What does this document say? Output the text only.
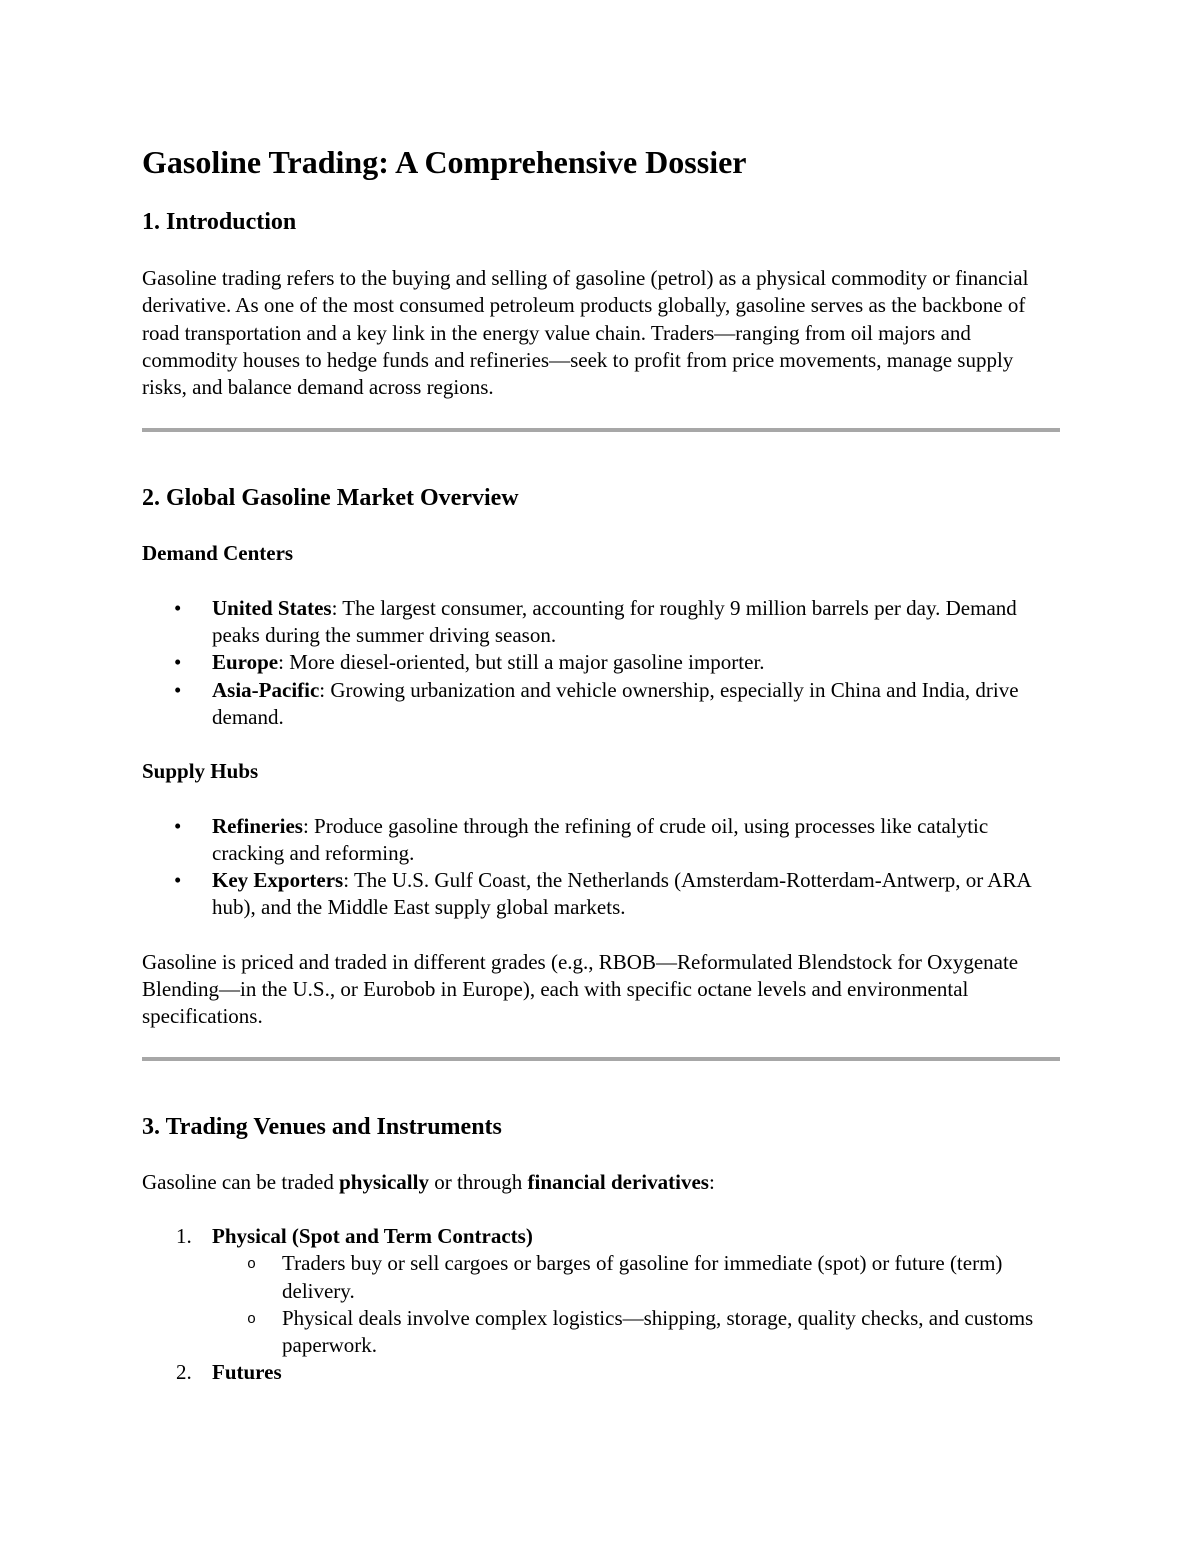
Gasoline Trading: A Comprehensive Dossier
1. Introduction

Gasoline trading refers to the buying and selling of gasoline (petrol) as a physical commodity or financial derivative. As one of the most consumed petroleum products globally, gasoline serves as the backbone of road transportation and a key link in the energy value chain. Traders—ranging from oil majors and commodity houses to hedge funds and refineries—seek to profit from price movements, manage supply risks, and balance demand across regions.

2. Global Gasoline Market Overview

Demand Centers

• United States: The largest consumer, accounting for roughly 9 million barrels per day. Demand peaks during the summer driving season.
• Europe: More diesel-oriented, but still a major gasoline importer.
• Asia-Pacific: Growing urbanization and vehicle ownership, especially in China and India, drive demand.

Supply Hubs

• Refineries: Produce gasoline through the refining of crude oil, using processes like catalytic cracking and reforming.
• Key Exporters: The U.S. Gulf Coast, the Netherlands (Amsterdam-Rotterdam-Antwerp, or ARA hub), and the Middle East supply global markets.

Gasoline is priced and traded in different grades (e.g., RBOB—Reformulated Blendstock for Oxygenate Blending—in the U.S., or Eurobob in Europe), each with specific octane levels and environmental specifications.

3. Trading Venues and Instruments

Gasoline can be traded physically or through financial derivatives:

1. Physical (Spot and Term Contracts)
o Traders buy or sell cargoes or barges of gasoline for immediate (spot) or future (term) delivery.
o Physical deals involve complex logistics—shipping, storage, quality checks, and customs paperwork.
2. Futures
